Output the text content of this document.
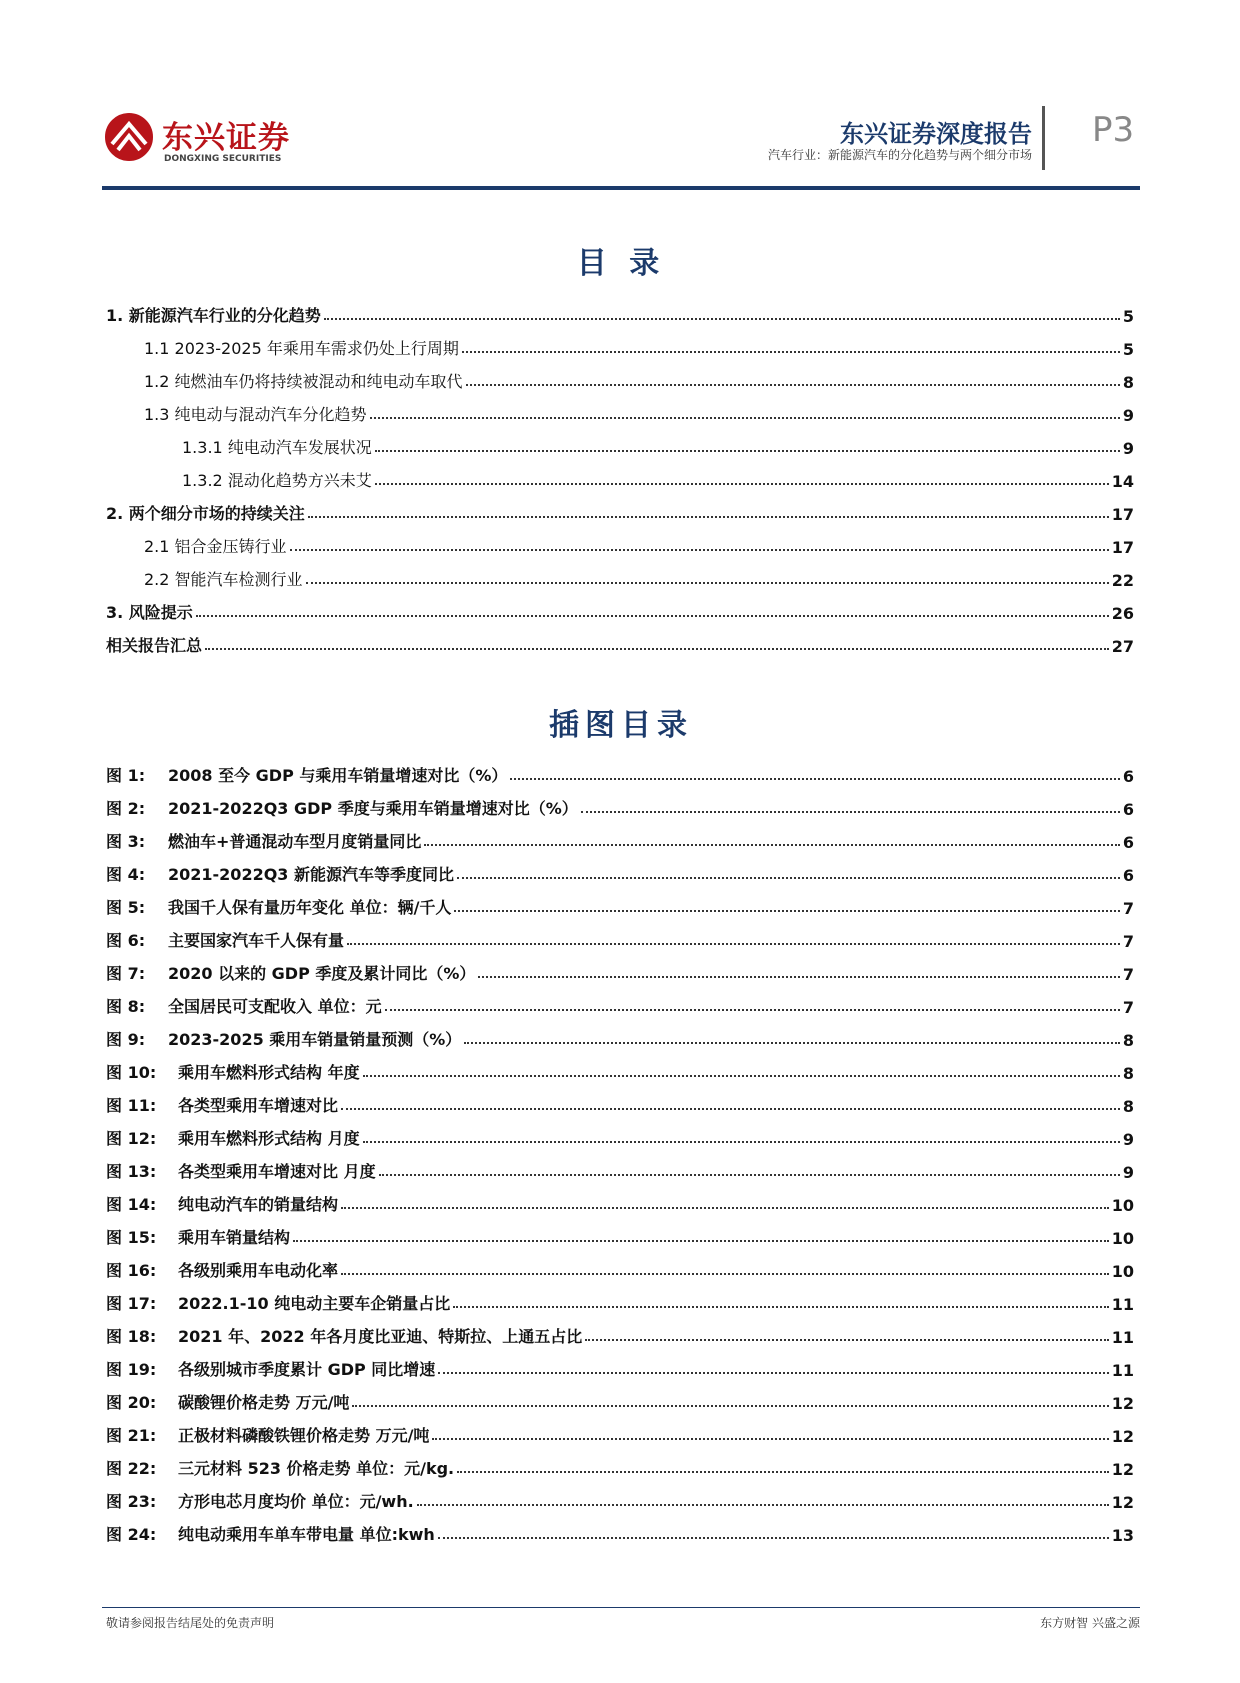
东兴证券
DONGXING SECURITIES
东兴证券深度报告
汽车行业：新能源汽车的分化趋势与两个细分市场
P3
目 录
1. 新能源汽车行业的分化趋势	5
1.1 2023-2025 年乘用车需求仍处上行周期	5
1.2 纯燃油车仍将持续被混动和纯电动车取代	8
1.3 纯电动与混动汽车分化趋势	9
1.3.1 纯电动汽车发展状况	9
1.3.2 混动化趋势方兴未艾	14
2. 两个细分市场的持续关注	17
2.1 铝合金压铸行业	17
2.2 智能汽车检测行业	22
3. 风险提示	26
相关报告汇总	27
插图目录
图 1: 2008 至今 GDP 与乘用车销量增速对比（%）	6
图 2: 2021-2022Q3 GDP 季度与乘用车销量增速对比（%）	6
图 3: 燃油车+普通混动车型月度销量同比	6
图 4: 2021-2022Q3 新能源汽车等季度同比	6
图 5: 我国千人保有量历年变化 单位：辆/千人	7
图 6: 主要国家汽车千人保有量	7
图 7: 2020 以来的 GDP 季度及累计同比（%）	7
图 8: 全国居民可支配收入 单位：元	7
图 9: 2023-2025 乘用车销量销量预测（%）	8
图 10: 乘用车燃料形式结构 年度	8
图 11: 各类型乘用车增速对比	8
图 12: 乘用车燃料形式结构 月度	9
图 13: 各类型乘用车增速对比 月度	9
图 14: 纯电动汽车的销量结构	10
图 15: 乘用车销量结构	10
图 16: 各级别乘用车电动化率	10
图 17: 2022.1-10 纯电动主要车企销量占比	11
图 18: 2021 年、2022 年各月度比亚迪、特斯拉、上通五占比	11
图 19: 各级别城市季度累计 GDP 同比增速	11
图 20: 碳酸锂价格走势 万元/吨	12
图 21: 正极材料磷酸铁锂价格走势 万元/吨	12
图 22: 三元材料 523 价格走势 单位：元/kg.	12
图 23: 方形电芯月度均价 单位：元/wh.	12
图 24: 纯电动乘用车单车带电量 单位:kwh	13
敬请参阅报告结尾处的免责声明	东方财智 兴盛之源
